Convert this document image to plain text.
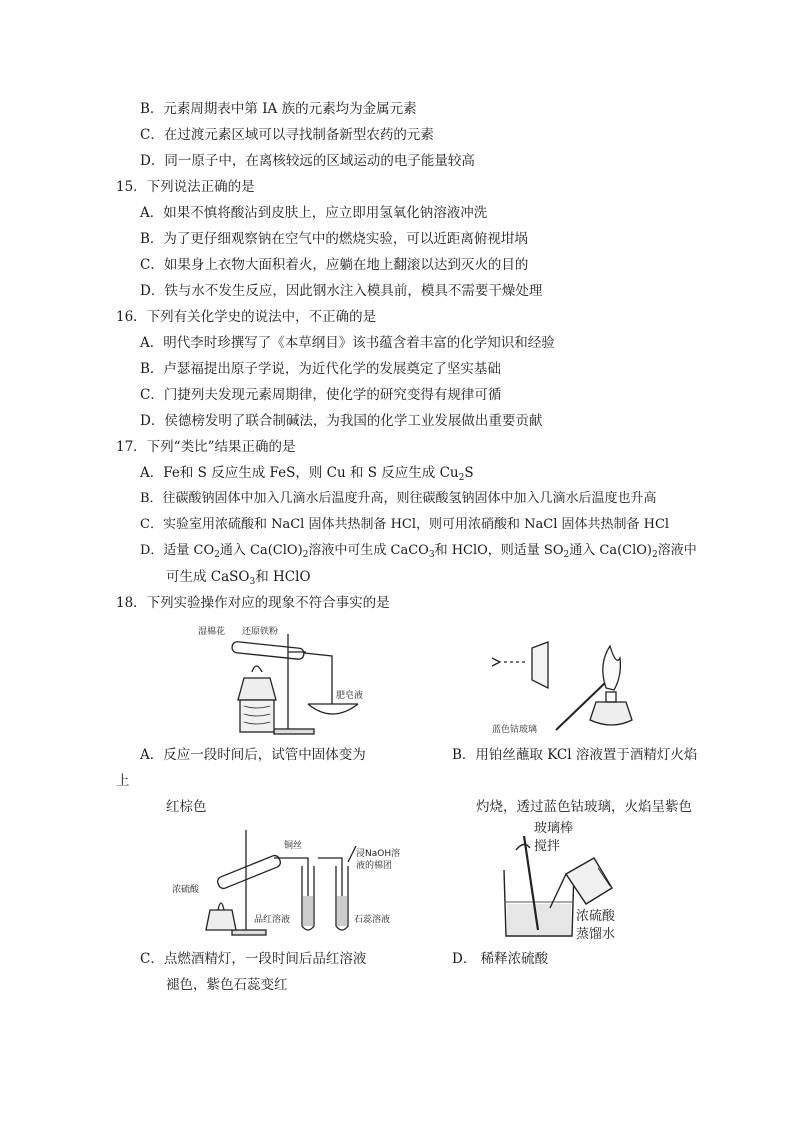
B．元素周期表中第 IA 族的元素均为金属元素
C．在过渡元素区域可以寻找制备新型农药的元素
D．同一原子中，在离核较远的区域运动的电子能量较高
15．下列说法正确的是
A．如果不慎将酸沾到皮肤上，应立即用氢氧化钠溶液冲洗
B．为了更仔细观察钠在空气中的燃烧实验，可以近距离俯视坩埚
C．如果身上衣物大面积着火，应躺在地上翻滚以达到灭火的目的
D．铁与水不发生反应，因此钢水注入模具前，模具不需要干燥处理
16．下列有关化学史的说法中，不正确的是
A．明代李时珍撰写了《本草纲目》该书蕴含着丰富的化学知识和经验
B．卢瑟福提出原子学说，为近代化学的发展奠定了坚实基础
C．门捷列夫发现元素周期律，使化学的研究变得有规律可循
D．侯德榜发明了联合制碱法，为我国的化学工业发展做出重要贡献
17．下列“类比”结果正确的是
A．Fe和 S 反应生成 FeS，则 Cu 和 S 反应生成 $Cu_2S$
B．往碳酸钠固体中加入几滴水后温度升高，则往碳酸氢钠固体中加入几滴水后温度也升高
C．实验室用浓硫酸和 NaCl 固体共热制备 HCl，则可用浓硝酸和 NaCl 固体共热制备 HCl
D．适量 $CO_2$通入 $Ca(ClO)_2$溶液中可生成 CaCO$_3$和 HClO，则适量 $SO_2$通入 $Ca(ClO)_2$溶液中
可生成 CaSO$_3$和 HClO
18．下列实验操作对应的现象不符合事实的是
湿棉花 还原铁粉
肥皂液
蓝色钴玻璃
A．反应一段时间后，试管中固体变为	B．用铂丝蘸取 KCl 溶液置于酒精灯火焰
上
红棕色	灼烧，透过蓝色钴玻璃，火焰呈紫色
铜丝
浓硫酸
品红溶液	石蕊溶液
浸NaOH溶
液的棉团
玻璃棒
搅拌
浓硫酸
蒸馏水
C．点燃酒精灯，一段时间后品红溶液	D． 稀释浓硫酸
褪色，紫色石蕊变红
